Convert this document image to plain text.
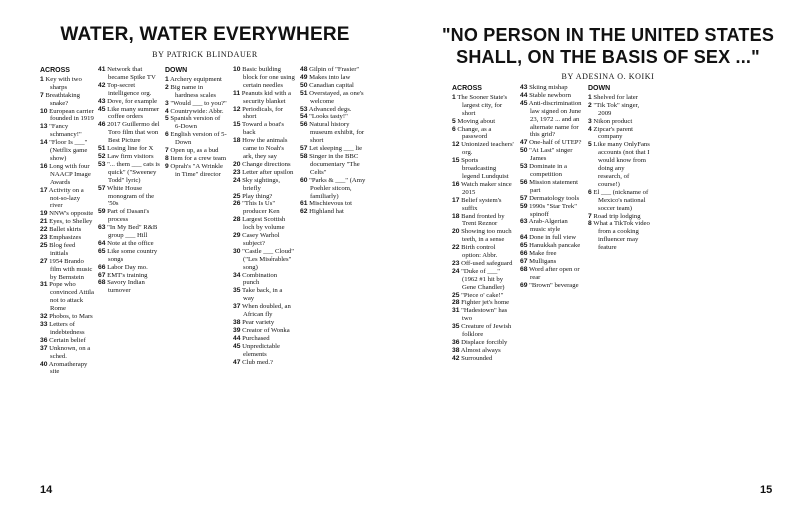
WATER, WATER EVERYWHERE
BY PATRICK BLINDAUER
"NO PERSON IN THE UNITED STATES
SHALL, ON THE BASIS OF SEX ..."
BY ADESINA O. KOIKI
ACROSS
1 Key with two sharps
7 Breathtaking snake?
10 European carrier founded in 1919
13 "Fancy schmancy!"
14 "Floor Is ___" (Netflix game show)
16 Long with four NAACP Image Awards
17 Activity on a not-so-lazy river
19 NNW's opposite
21 Eyes, to Shelley
22 Ballet skirts
23 Emphasizes
25 Blog feed initials
27 1954 Brando film with music by Bernstein
31 Pope who convinced Attila not to attack Rome
32 Phobos, to Mars
33 Letters of indebtedness
36 Certain belief
37 Unknown, on a sched.
40 Aromatherapy site
41 Network that became Spike TV
42 Top-secret intelligence org.
43 Dove, for example
45 Like many summer coffee orders
46 2017 Guillermo del Toro film that won Best Picture
51 Losing line for X
52 Law firm visitors
53 "... them ___ cats is quick" ("Sweeney Todd" lyric)
57 White House monogram of the '50s
59 Part of Dasani's process
63 "In My Bed" R&B group ___ Hill
64 Note at the office
65 Like some country songs
66 Labor Day mo.
67 EMT's training
68 Savory Indian turnover
DOWN
1 Archery equipment
2 Big name in hardness scales
3 "Would ___ to you?"
4 Countrywide: Abbr.
5 Spanish version of 6-Down
6 English version of 5-Down
7 Open up, as a bud
8 Item for a crew team
9 Oprah's "A Wrinkle in Time" director
10 Basic building block for one using certain needles
11 Peanuts kid with a security blanket
12 Periodicals, for short
15 Toward a boat's back
18 How the animals came to Noah's ark, they say
20 Change directions
23 Letter after upsilon
24 Sky sightings, briefly
25 Play thing?
26 "This Is Us" producer Ken
28 Largest Scottish loch by volume
29 Casey Warhol subject?
30 "Castle ___ Cloud" ("Les Misérables" song)
34 Combination punch
35 Take back, in a way
37 When doubled, an African fly
38 Pear variety
39 Creator of Wonka
44 Purchased
45 Unpredictable elements
47 Club med.?
48 Gilpin of "Frasier"
49 Makes into law
50 Canadian capital
51 Overstayed, as one's welcome
53 Advanced degs.
54 "Looks tasty!"
56 Natural history museum exhibit, for short
57 Let sleeping ___ lie
58 Singer in the BBC documentary "The Celts"
60 "Parks & ___" (Amy Poehler sitcom, familiarly)
61 Mischievous tot
62 Highland hat
ACROSS
1 The Sooner State's largest city, for short
5 Moving about
6 Change, as a password
12 Unionized teachers' org.
15 Sports broadcasting legend Lundquist
16 Watch maker since 2015
17 Belief system's suffix
18 Band fronted by Trent Reznor
20 Showing too much teeth, in a sense
22 Birth control option: Abbr.
23 Off-used safeguard
24 "Duke of ___" (1962 #1 hit by Gene Chandler)
25 "Piece o' cake!"
28 Fighter jet's home
31 "Hadestown" has two
35 Creature of Jewish folklore
36 Displace forcibly
38 Almost always
42 Surrounded
43 Skiing mishap
44 Stable newborn
45 Anti-discrimination law signed on June 23, 1972 ... and an alternate name for this grid?
47 One-half of UTEP?
50 "At Last" singer James
53 Dominate in a competition
56 Mission statement part
57 Dermatology tools
59 1990s "Star Trek" spinoff
63 Arab-Algerian music style
64 Done in full view
65 Hanukkah pancake
66 Make free
67 Mulligans
68 Word after open or rear
69 "Brown" beverage
DOWN
1 Shelved for later
2 "Tik Tok" singer, 2009
3 Nikon product
4 Zipcar's parent company
5 Like many OnlyFans accounts (not that I would know from doing any research, of course!)
6 El ___ (nickname of Mexico's national soccer team)
7 Road trip lodging
8 What a TikTok video from a cooking influencer may feature
14	15
